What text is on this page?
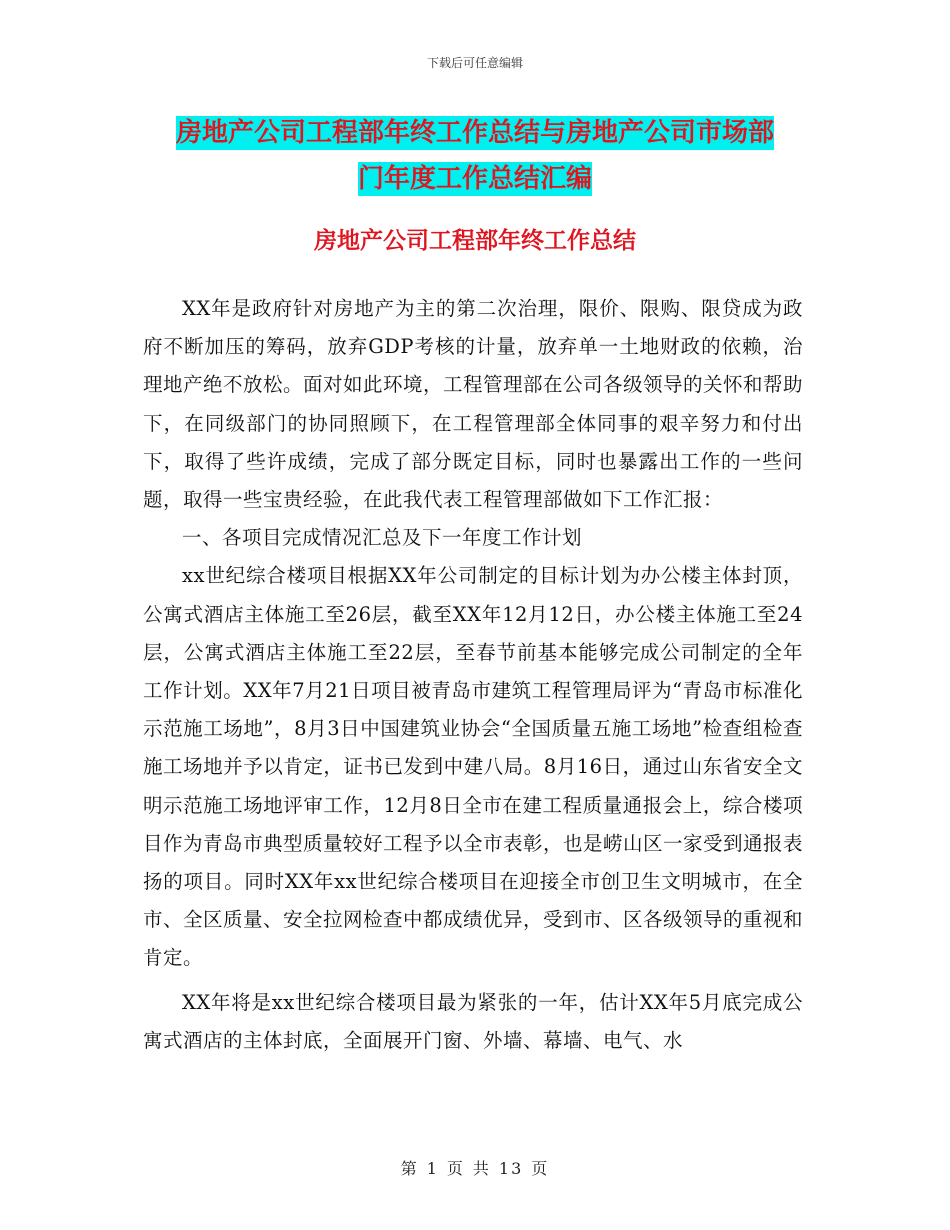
下载后可任意编辑
房地产公司工程部年终工作总结与房地产公司市场部
门年度工作总结汇编
房地产公司工程部年终工作总结

XX年是政府针对房地产为主的第二次治理，限价、限购、限贷成为政府不断加压的筹码，放弃GDP考核的计量，放弃单一土地财政的依赖，治理地产绝不放松。面对如此环境，工程管理部在公司各级领导的关怀和帮助下，在同级部门的协同照顾下，在工程管理部全体同事的艰辛努力和付出下，取得了些许成绩，完成了部分既定目标，同时也暴露出工作的一些问题，取得一些宝贵经验，在此我代表工程管理部做如下工作汇报：

一、各项目完成情况汇总及下一年度工作计划

xx世纪综合楼项目根据XX年公司制定的目标计划为办公楼主体封顶，公寓式酒店主体施工至26层，截至XX年12月12日，办公楼主体施工至24层，公寓式酒店主体施工至22层，至春节前基本能够完成公司制定的全年工作计划。XX年7月21日项目被青岛市建筑工程管理局评为“青岛市标准化示范施工场地”，8月3日中国建筑业协会“全国质量五施工场地”检查组检查施工场地并予以肯定，证书已发到中建八局。8月16日，通过山东省安全文明示范施工场地评审工作，12月8日全市在建工程质量通报会上，综合楼项目作为青岛市典型质量较好工程予以全市表彰，也是崂山区一家受到通报表扬的项目。同时XX年xx世纪综合楼项目在迎接全市创卫生文明城市，在全市、全区质量、安全拉网检查中都成绩优异，受到市、区各级领导的重视和肯定。

XX年将是xx世纪综合楼项目最为紧张的一年，估计XX年5月底完成公寓式酒店的主体封底，全面展开门窗、外墙、幕墙、电气、水

第 1 页 共 13 页
